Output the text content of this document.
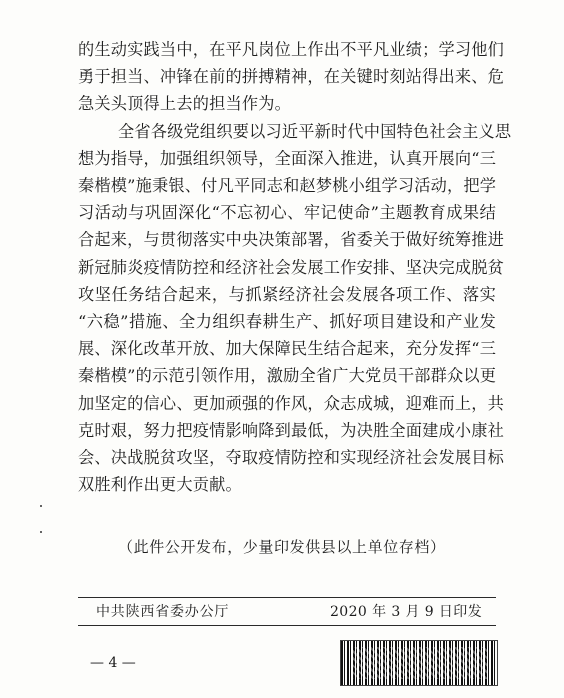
的生动实践当中，在平凡岗位上作出不平凡业绩；学习他们
勇于担当、冲锋在前的拼搏精神，在关键时刻站得出来、危
急关头顶得上去的担当作为。
全省各级党组织要以习近平新时代中国特色社会主义思
想为指导，加强组织领导，全面深入推进，认真开展向“三
秦楷模”施秉银、付凡平同志和赵梦桃小组学习活动，把学
习活动与巩固深化“不忘初心、牢记使命”主题教育成果结
合起来，与贯彻落实中央决策部署，省委关于做好统筹推进
新冠肺炎疫情防控和经济社会发展工作安排、坚决完成脱贫
攻坚任务结合起来，与抓紧经济社会发展各项工作、落实
“六稳”措施、全力组织春耕生产、抓好项目建设和产业发
展、深化改革开放、加大保障民生结合起来，充分发挥“三
秦楷模”的示范引领作用，激励全省广大党员干部群众以更
加坚定的信心、更加顽强的作风，众志成城，迎难而上，共
克时艰，努力把疫情影响降到最低，为决胜全面建成小康社
会、决战脱贫攻坚，夺取疫情防控和实现经济社会发展目标
双胜利作出更大贡献。
（此件公开发布，少量印发供县以上单位存档）
中共陕西省委办公厅	2020 年 3 月 9 日印发
— 4 —
